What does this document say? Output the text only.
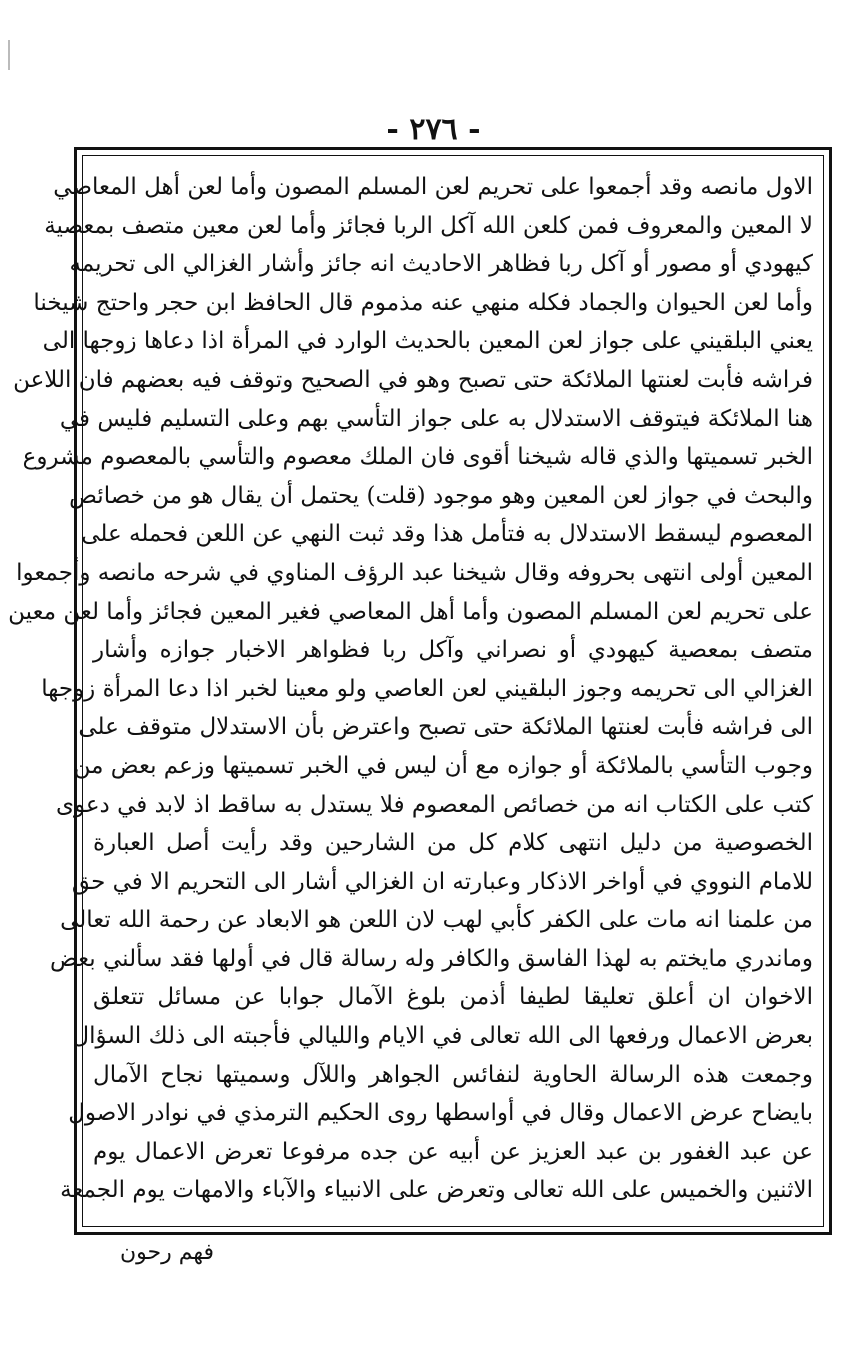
- ٢٧٦ -
الاول مانصه وقد أجمعوا على تحريم لعن المسلم المصون وأما لعن أهل المعاصي
لا المعين والمعروف فمن كلعن الله آكل الربا فجائز وأما لعن معين متصف بمعصية
كيهودي أو مصور أو آكل ربا فظاهر الاحاديث انه جائز وأشار الغزالي الى تحريمه
وأما لعن الحيوان والجماد فكله منهي عنه مذموم قال الحافظ ابن حجر واحتج شيخنا
يعني البلقيني على جواز لعن المعين بالحديث الوارد في المرأة اذا دعاها زوجها الى
فراشه فأبت لعنتها الملائكة حتى تصبح وهو في الصحيح وتوقف فيه بعضهم فان اللاعن
هنا الملائكة فيتوقف الاستدلال به على جواز التأسي بهم وعلى التسليم فليس في
الخبر تسميتها والذي قاله شيخنا أقوى فان الملك معصوم والتأسي بالمعصوم مشروع
والبحث في جواز لعن المعين وهو موجود (قلت) يحتمل أن يقال هو من خصائص
المعصوم ليسقط الاستدلال به فتأمل هذا وقد ثبت النهي عن اللعن فحمله على
المعين أولى انتهى بحروفه وقال شيخنا عبد الرؤف المناوي في شرحه مانصه وأجمعوا
على تحريم لعن المسلم المصون وأما أهل المعاصي فغير المعين فجائز وأما لعن معين
متصف بمعصية كيهودي أو نصراني وآكل ربا فظواهر الاخبار جوازه وأشار
الغزالي الى تحريمه وجوز البلقيني لعن العاصي ولو معينا لخبر اذا دعا المرأة زوجها
الى فراشه فأبت لعنتها الملائكة حتى تصبح واعترض بأن الاستدلال متوقف على
وجوب التأسي بالملائكة أو جوازه مع أن ليس في الخبر تسميتها وزعم بعض من
كتب على الكتاب انه من خصائص المعصوم فلا يستدل به ساقط اذ لابد في دعوى
الخصوصية من دليل انتهى كلام كل من الشارحين وقد رأيت أصل العبارة
للامام النووي في أواخر الاذكار وعبارته ان الغزالي أشار الى التحريم الا في حق
من علمنا انه مات على الكفر كأبي لهب لان اللعن هو الابعاد عن رحمة الله تعالى
وماندري مايختم به لهذا الفاسق والكافر وله رسالة قال في أولها فقد سألني بعض
الاخوان ان أعلق تعليقا لطيفا أذمن بلوغ الآمال جوابا عن مسائل تتعلق
بعرض الاعمال ورفعها الى الله تعالى في الايام والليالي فأجبته الى ذلك السؤال
وجمعت هذه الرسالة الحاوية لنفائس الجواهر واللآل وسميتها نجاح الآمال
بايضاح عرض الاعمال وقال في أواسطها روى الحكيم الترمذي في نوادر الاصول
عن عبد الغفور بن عبد العزيز عن أبيه عن جده مرفوعا تعرض الاعمال يوم
الاثنين والخميس على الله تعالى وتعرض على الانبياء والآباء والامهات يوم الجمعة
فهم رحون
